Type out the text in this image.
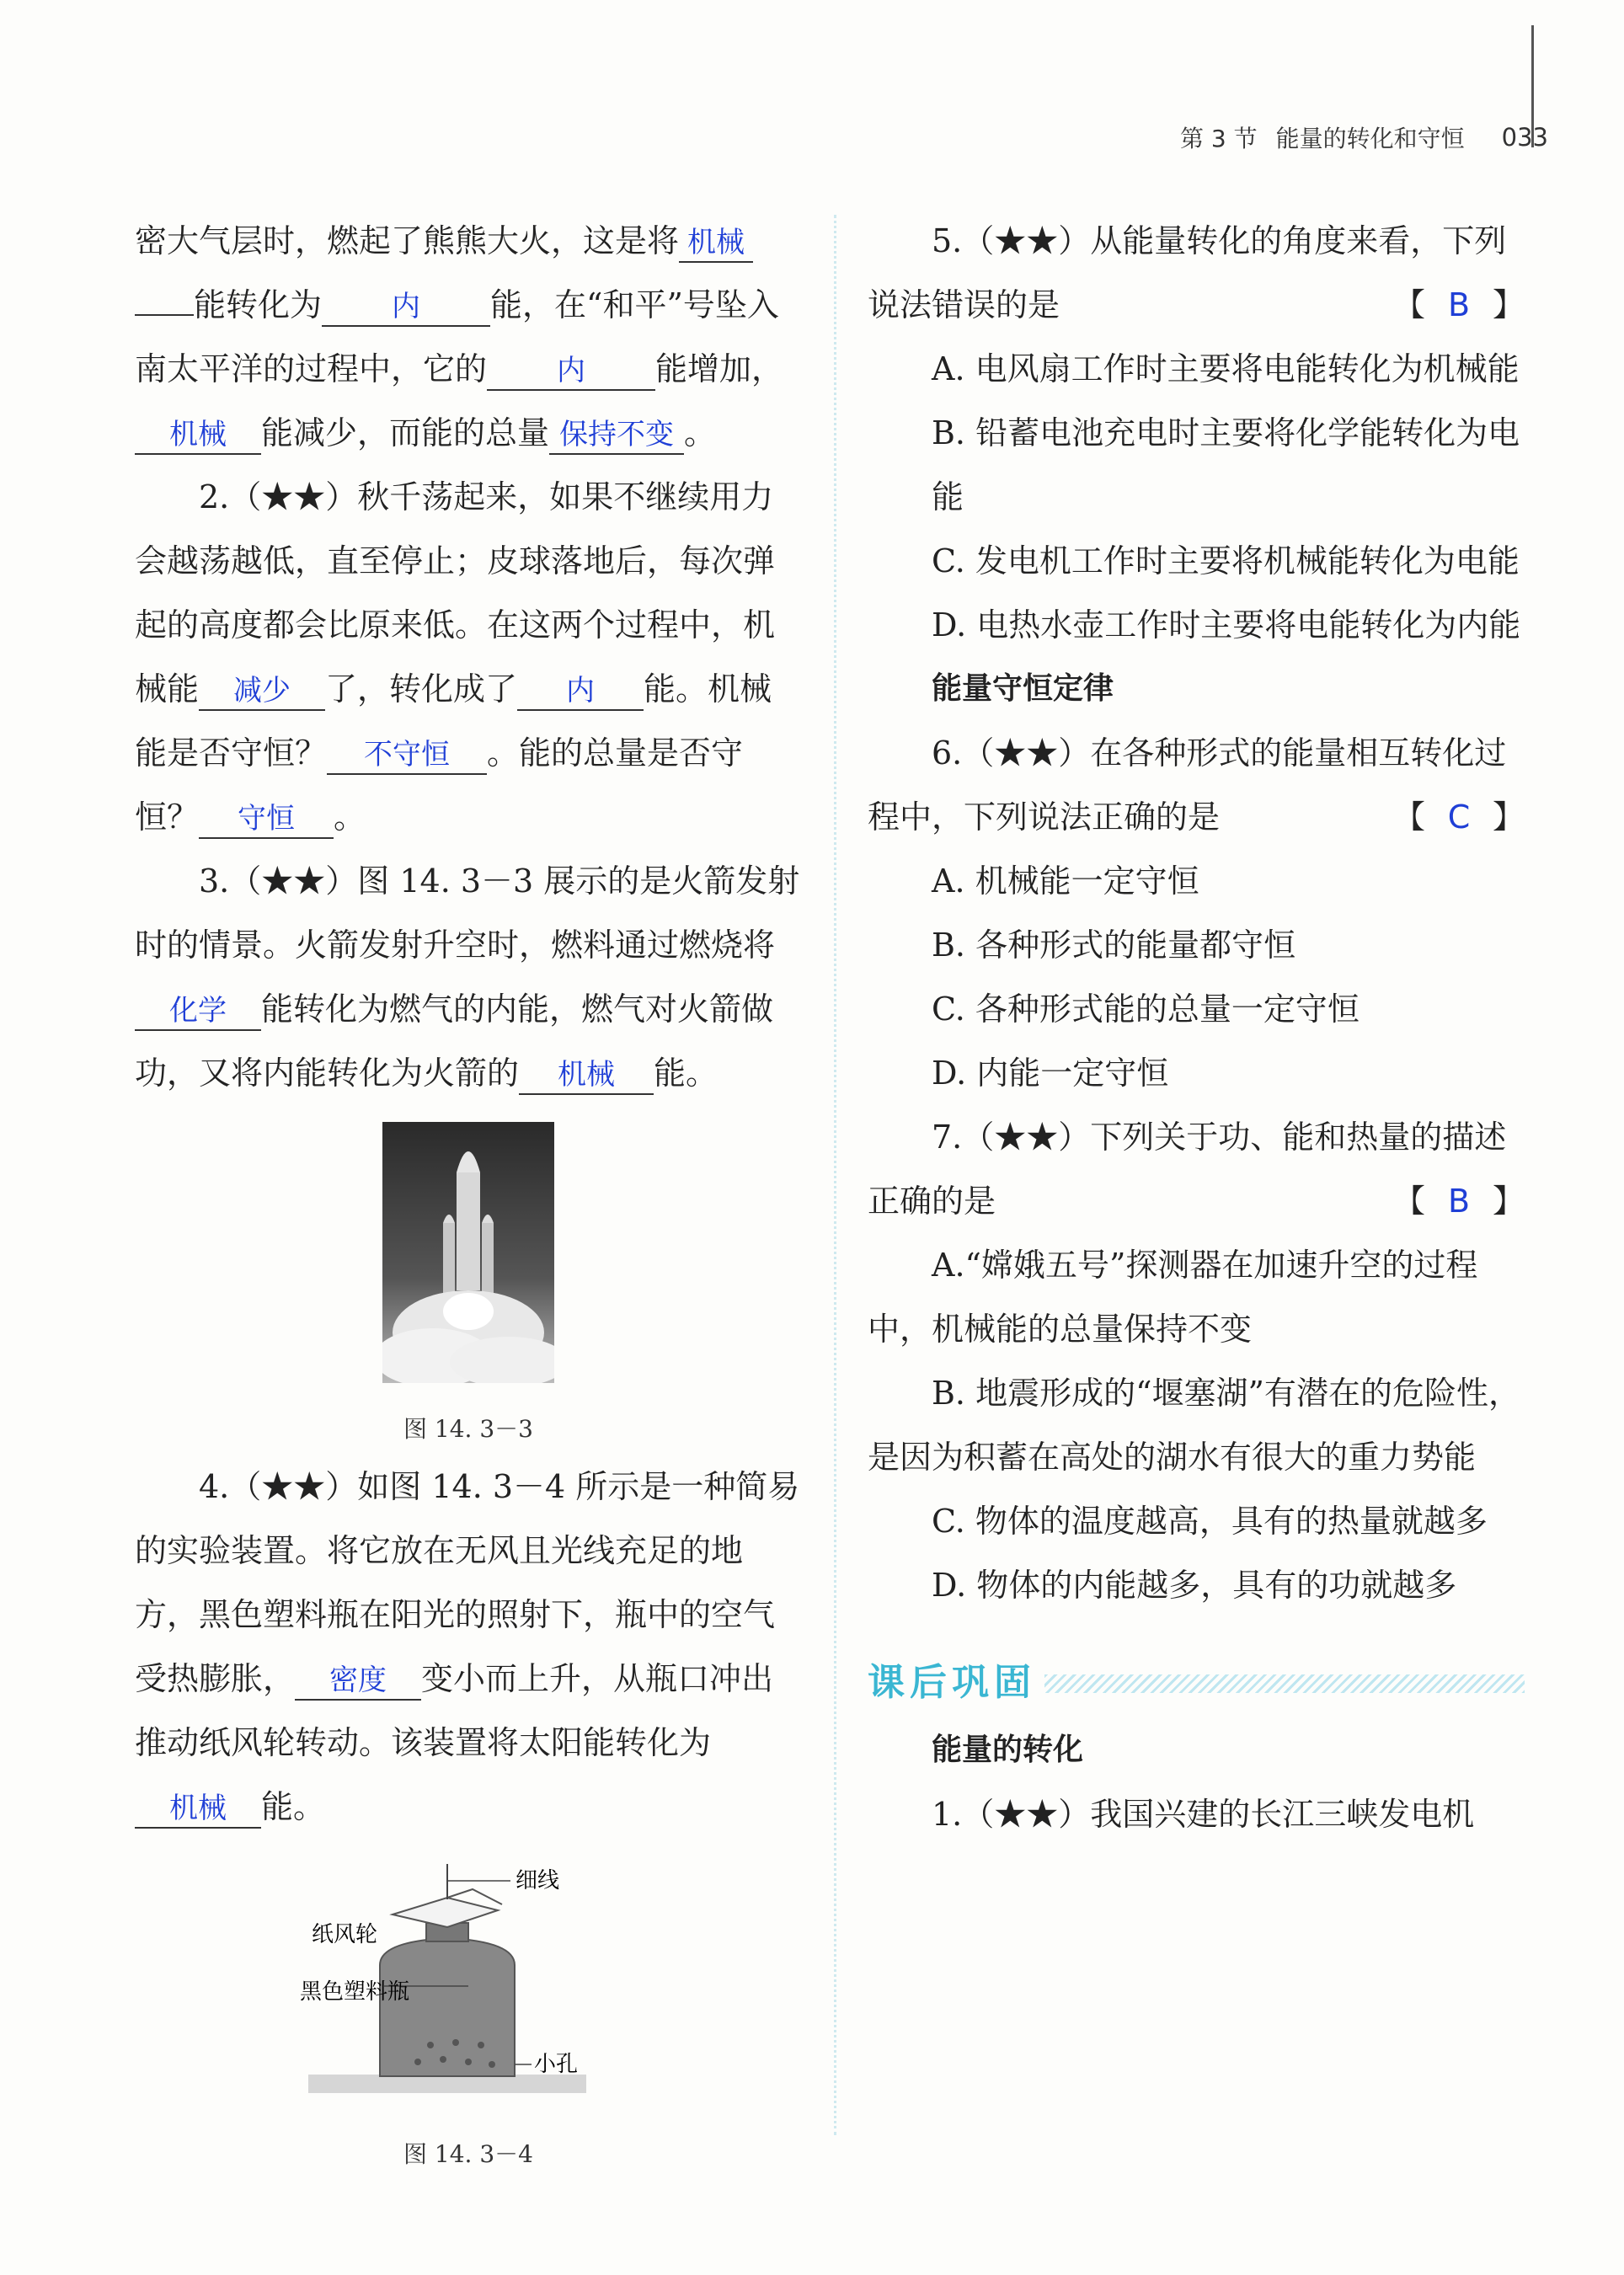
第 3 节 能量的转化和守恒 033

密大气层时，燃起了熊熊大火，这是将 机械
能转化为 内 能，在“和平”号坠入南太平洋的过程中，它的 内 能增加，机械 能减少，而能的总量 保持不变 。

2.（★★）秋千荡起来，如果不继续用力会越荡越低，直至停止；皮球落地后，每次弹起的高度都会比原来低。在这两个过程中，机械能 减少 了，转化成了 内 能。机械能是否守恒？ 不守恒 。能的总量是否守恒？ 守恒 。

3.（★★）图 14. 3－3 展示的是火箭发射时的情景。火箭发射升空时，燃料通过燃烧将化学 能转化为燃气的内能，燃气对火箭做功，又将内能转化为火箭的 机械 能。

图 14. 3－3

4.（★★）如图 14. 3－4 所示是一种简易的实验装置。将它放在无风且光线充足的地方，黑色塑料瓶在阳光的照射下，瓶中的空气受热膨胀， 密度 变小而上升，从瓶口冲出推动纸风轮转动。该装置将太阳能转化为机械 能。

细线
纸风轮
黑色塑料瓶
小孔
图 14. 3－4

5.（★★）从能量转化的角度来看，下列

说法错误的是	【 B 】

A. 电风扇工作时主要将电能转化为机械能

B. 铅蓄电池充电时主要将化学能转化为电能

C. 发电机工作时主要将机械能转化为电能

D. 电热水壶工作时主要将电能转化为内能

能量守恒定律

6.（★★）在各种形式的能量相互转化过

程中，下列说法正确的是	【 C 】

A. 机械能一定守恒

B. 各种形式的能量都守恒

C. 各种形式能的总量一定守恒

D. 内能一定守恒

7.（★★）下列关于功、能和热量的描述

正确的是	【 B 】

A.“嫦娥五号”探测器在加速升空的过程中，机械能的总量保持不变

B. 地震形成的“堰塞湖”有潜在的危险性，是因为积蓄在高处的湖水有很大的重力势能

C. 物体的温度越高，具有的热量就越多

D. 物体的内能越多，具有的功就越多

课后巩固

能量的转化

1.（★★）我国兴建的长江三峡发电机
